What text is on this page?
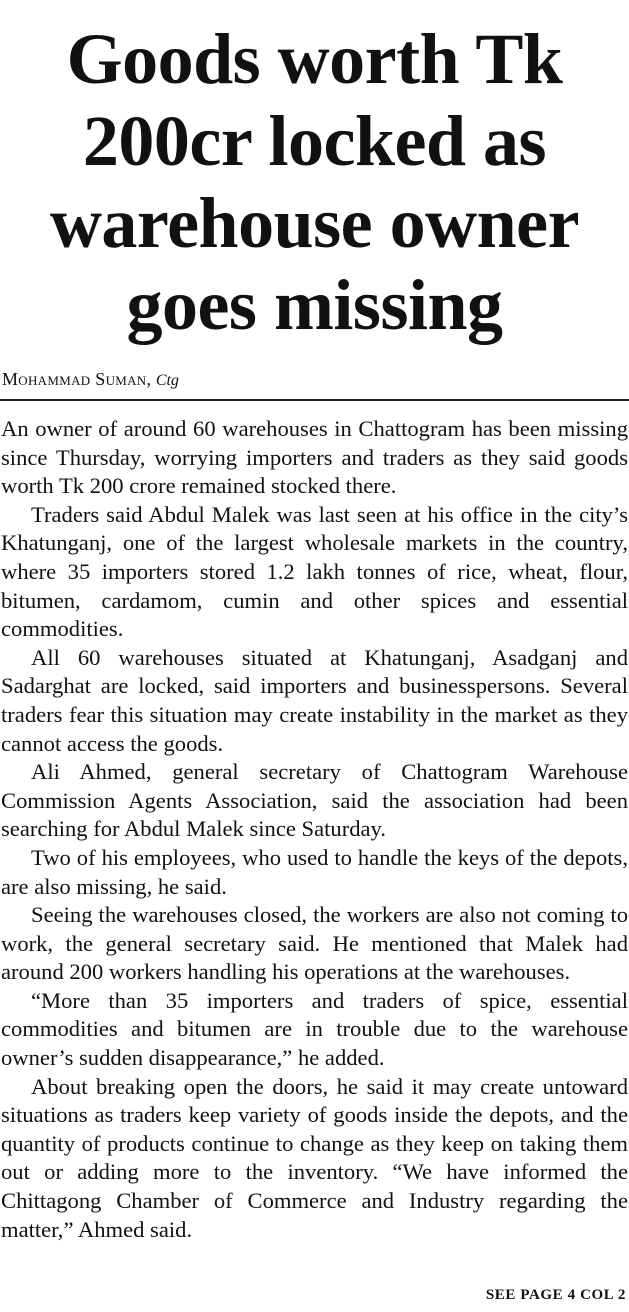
Goods worth Tk 200cr locked as warehouse owner goes missing
Mohammad Suman, Ctg

An owner of around 60 warehouses in Chattogram has been missing since Thursday, worrying importers and traders as they said goods worth Tk 200 crore remained stocked there.

Traders said Abdul Malek was last seen at his office in the city’s Khatunganj, one of the largest wholesale markets in the country, where 35 importers stored 1.2 lakh tonnes of rice, wheat, flour, bitumen, cardamom, cumin and other spices and essential commodities.

All 60 warehouses situated at Khatunganj, Asadganj and Sadarghat are locked, said importers and businesspersons. Several traders fear this situation may create instability in the market as they cannot access the goods.

Ali Ahmed, general secretary of Chattogram Warehouse Commission Agents Association, said the association had been searching for Abdul Malek since Saturday.

Two of his employees, who used to handle the keys of the depots, are also missing, he said.

Seeing the warehouses closed, the workers are also not coming to work, the general secretary said. He mentioned that Malek had around 200 workers handling his operations at the warehouses.

“More than 35 importers and traders of spice, essential commodities and bitumen are in trouble due to the warehouse owner’s sudden disappearance,” he added.

About breaking open the doors, he said it may create untoward situations as traders keep variety of goods inside the depots, and the quantity of products continue to change as they keep on taking them out or adding more to the inventory. “We have informed the Chittagong Chamber of Commerce and Industry regarding the matter,” Ahmed said.

SEE PAGE 4 COL 2
